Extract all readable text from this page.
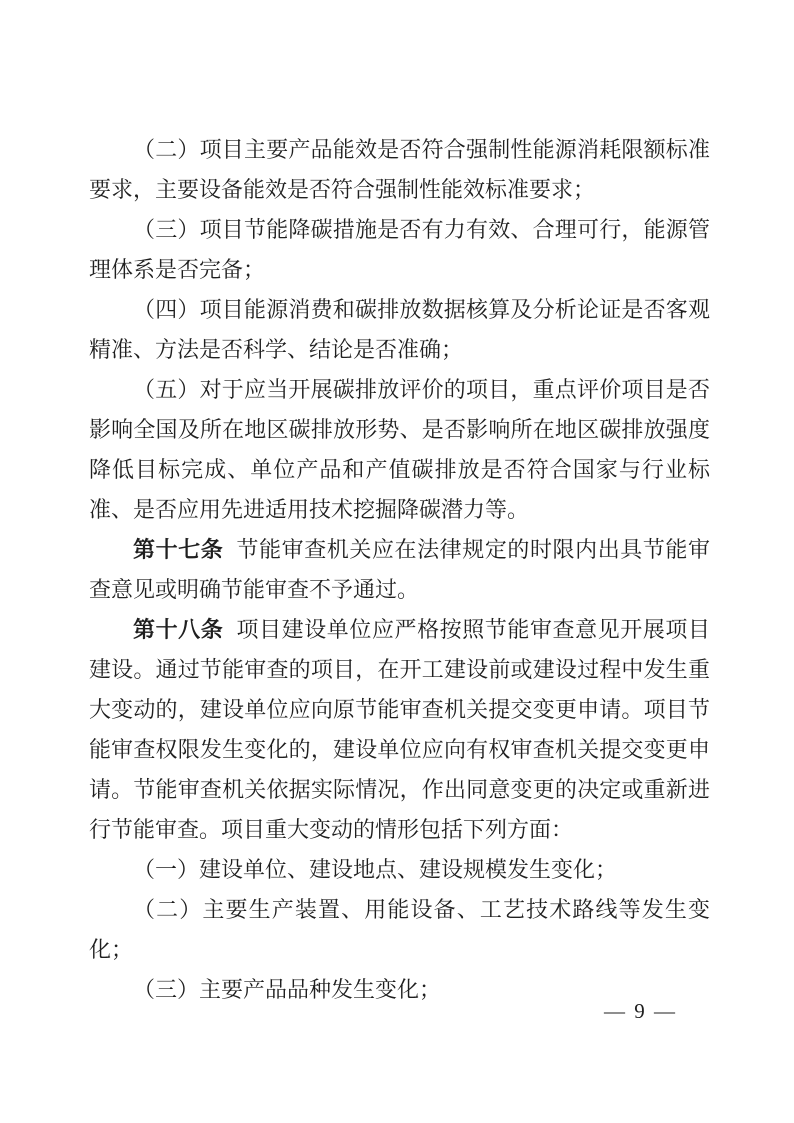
（二）项目主要产品能效是否符合强制性能源消耗限额标准要求，主要设备能效是否符合强制性能效标准要求；

（三）项目节能降碳措施是否有力有效、合理可行，能源管理体系是否完备；

（四）项目能源消费和碳排放数据核算及分析论证是否客观精准、方法是否科学、结论是否准确；

（五）对于应当开展碳排放评价的项目，重点评价项目是否影响全国及所在地区碳排放形势、是否影响所在地区碳排放强度降低目标完成、单位产品和产值碳排放是否符合国家与行业标准、是否应用先进适用技术挖掘降碳潜力等。

第十七条 节能审查机关应在法律规定的时限内出具节能审查意见或明确节能审查不予通过。

第十八条 项目建设单位应严格按照节能审查意见开展项目建设。通过节能审查的项目，在开工建设前或建设过程中发生重大变动的，建设单位应向原节能审查机关提交变更申请。项目节能审查权限发生变化的，建设单位应向有权审查机关提交变更申请。节能审查机关依据实际情况，作出同意变更的决定或重新进行节能审查。项目重大变动的情形包括下列方面：

（一）建设单位、建设地点、建设规模发生变化；

（二）主要生产装置、用能设备、工艺技术路线等发生变化；

（三）主要产品品种发生变化；

— 9 —
